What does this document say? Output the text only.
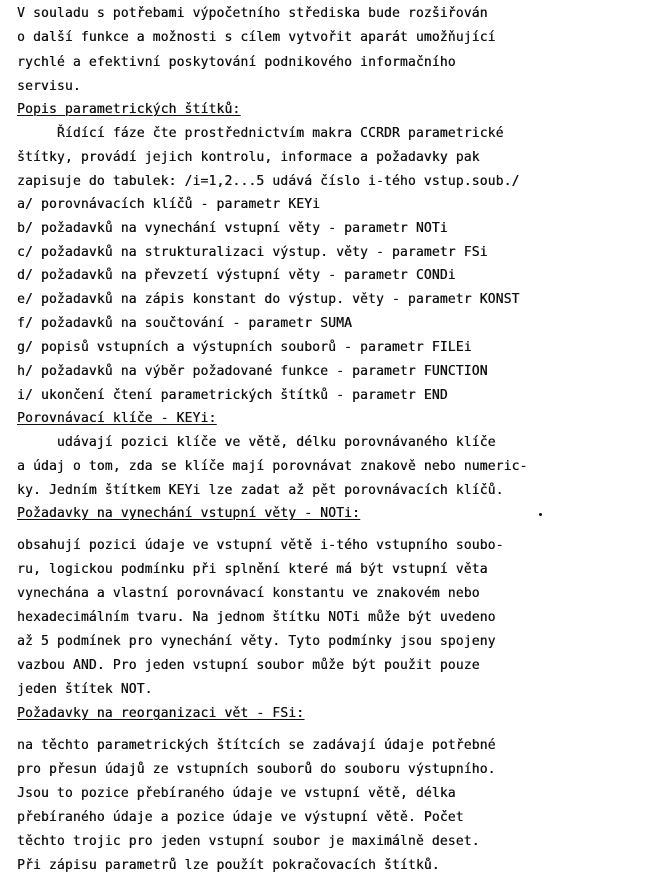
V souladu s potřebami výpočetního střediska bude rozšiřován
o další funkce a možnosti s cílem vytvořit aparát umožňující
rychlé a efektivní poskytování podnikového informačního
servisu.
Popis parametrických štítků:
Řídící fáze čte prostřednictvím makra CCRDR parametrické
štítky, provádí jejich kontrolu, informace a požadavky pak
zapisuje do tabulek: /i=1,2...5 udává číslo i-tého vstup.soub./
a/ porovnávacích klíčů - parametr KEYi
b/ požadavků na vynechání vstupní věty - parametr NOTi
c/ požadavků na strukturalizaci výstup. věty - parametr FSi
d/ požadavků na převzetí výstupní věty - parametr CONDi
e/ požadavků na zápis konstant do výstup. věty - parametr KONST
f/ požadavků na součtování - parametr SUMA
g/ popisů vstupních a výstupních souborů - parametr FILEi
h/ požadavků na výběr požadované funkce - parametr FUNCTION
i/ ukončení čtení parametrických štítků - parametr END
Porovnávací klíče - KEYi:
udávají pozici klíče ve větě, délku porovnávaného klíče
a údaj o tom, zda se klíče mají porovnávat znakově nebo numeric-
ky. Jedním štítkem KEYi lze zadat až pět porovnávacích klíčů.
Požadavky na vynechání vstupní věty - NOTi:
obsahují pozici údaje ve vstupní větě i-tého vstupního soubo-
ru, logickou podmínku při splnění které má být vstupní věta
vynechána a vlastní porovnávací konstantu ve znakovém nebo
hexadecimálním tvaru. Na jednom štítku NOTi může být uvedeno
až 5 podmínek pro vynechání věty. Tyto podmínky jsou spojeny
vazbou AND. Pro jeden vstupní soubor může být použit pouze
jeden štítek NOT.
Požadavky na reorganizaci vět - FSi:
na těchto parametrických štítcích se zadávají údaje potřebné
pro přesun údajů ze vstupních souborů do souboru výstupního.
Jsou to pozice přebíraného údaje ve vstupní větě, délka
přebíraného údaje a pozice údaje ve výstupní větě. Počet
těchto trojic pro jeden vstupní soubor je maximálně deset.
Při zápisu parametrů lze použít pokračovacích štítků.
